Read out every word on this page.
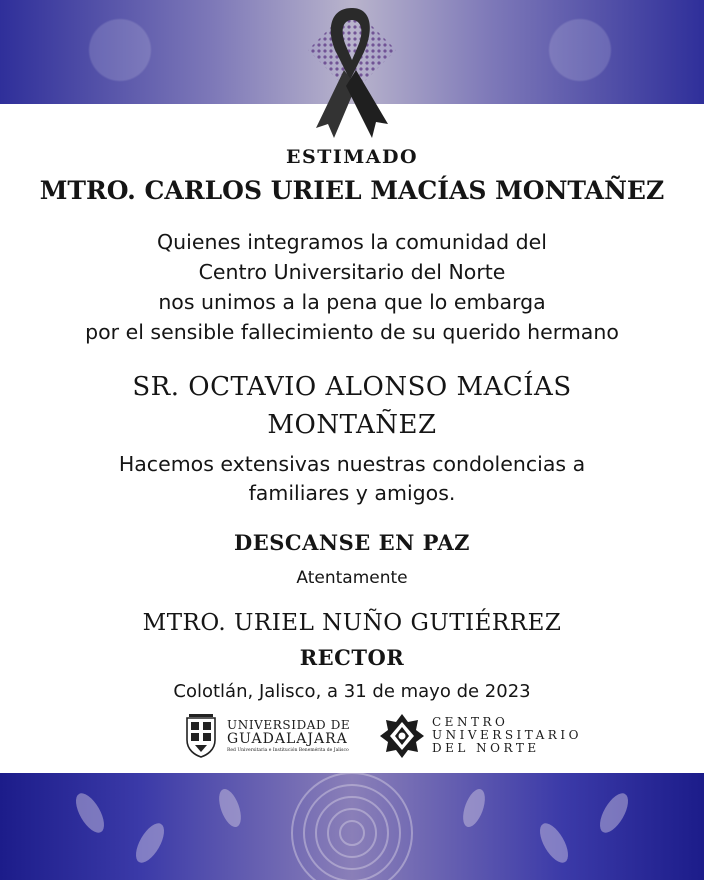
ESTIMADO
MTRO. CARLOS URIEL MACÍAS MONTAÑEZ
Quienes integramos la comunidad del
Centro Universitario del Norte
nos unimos a la pena que lo embarga
por el sensible fallecimiento de su querido hermano
SR. OCTAVIO ALONSO MACÍAS
MONTAÑEZ
Hacemos extensivas nuestras condolencias a
familiares y amigos.
DESCANSE EN PAZ
Atentamente
MTRO. URIEL NUÑO GUTIÉRREZ
RECTOR
Colotlán, Jalisco, a 31 de mayo de 2023
UNIVERSIDAD DE
GUADALAJARA
Red Universitaria e Institución Benemérita de Jalisco
CENTRO
UNIVERSITARIO
DEL NORTE
